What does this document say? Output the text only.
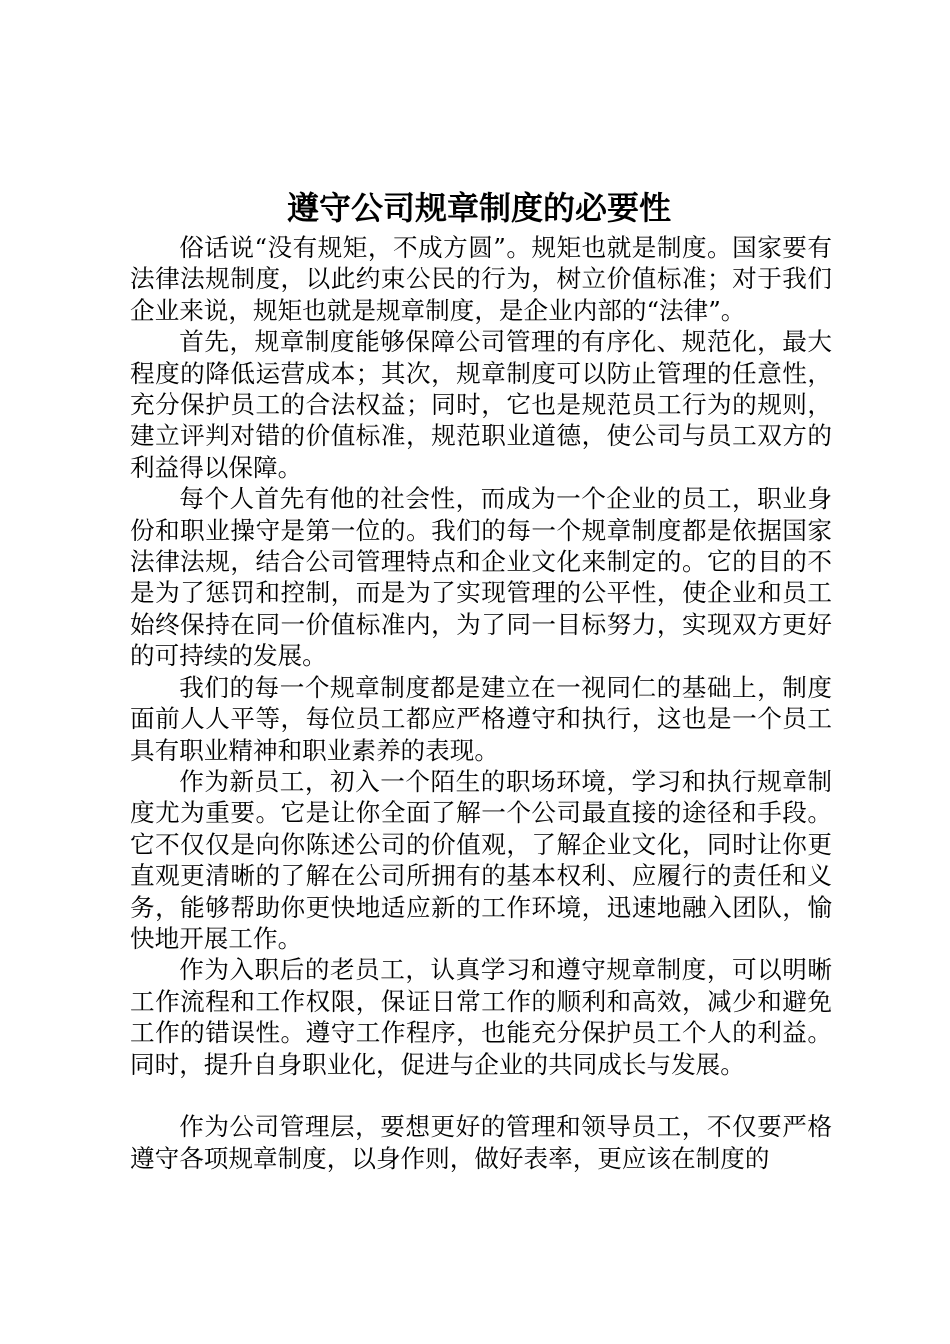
遵守公司规章制度的必要性

俗话说“没有规矩，不成方圆”。规矩也就是制度。国家要有法律法规制度，以此约束公民的行为，树立价值标准；对于我们企业来说，规矩也就是规章制度，是企业内部的“法律”。

首先，规章制度能够保障公司管理的有序化、规范化，最大程度的降低运营成本；其次，规章制度可以防止管理的任意性，充分保护员工的合法权益；同时，它也是规范员工行为的规则，建立评判对错的价值标准，规范职业道德，使公司与员工双方的利益得以保障。

每个人首先有他的社会性，而成为一个企业的员工，职业身份和职业操守是第一位的。我们的每一个规章制度都是依据国家法律法规，结合公司管理特点和企业文化来制定的。它的目的不是为了惩罚和控制，而是为了实现管理的公平性，使企业和员工始终保持在同一价值标准内，为了同一目标努力，实现双方更好的可持续的发展。

我们的每一个规章制度都是建立在一视同仁的基础上，制度面前人人平等，每位员工都应严格遵守和执行，这也是一个员工具有职业精神和职业素养的表现。

作为新员工，初入一个陌生的职场环境，学习和执行规章制度尤为重要。它是让你全面了解一个公司最直接的途径和手段。它不仅仅是向你陈述公司的价值观，了解企业文化，同时让你更直观更清晰的了解在公司所拥有的基本权利、应履行的责任和义务，能够帮助你更快地适应新的工作环境，迅速地融入团队，愉快地开展工作。

作为入职后的老员工，认真学习和遵守规章制度，可以明晰工作流程和工作权限，保证日常工作的顺利和高效，减少和避免工作的错误性。遵守工作程序，也能充分保护员工个人的利益。同时，提升自身职业化，促进与企业的共同成长与发展。

作为公司管理层，要想更好的管理和领导员工，不仅要严格遵守各项规章制度，以身作则，做好表率，更应该在制度的
